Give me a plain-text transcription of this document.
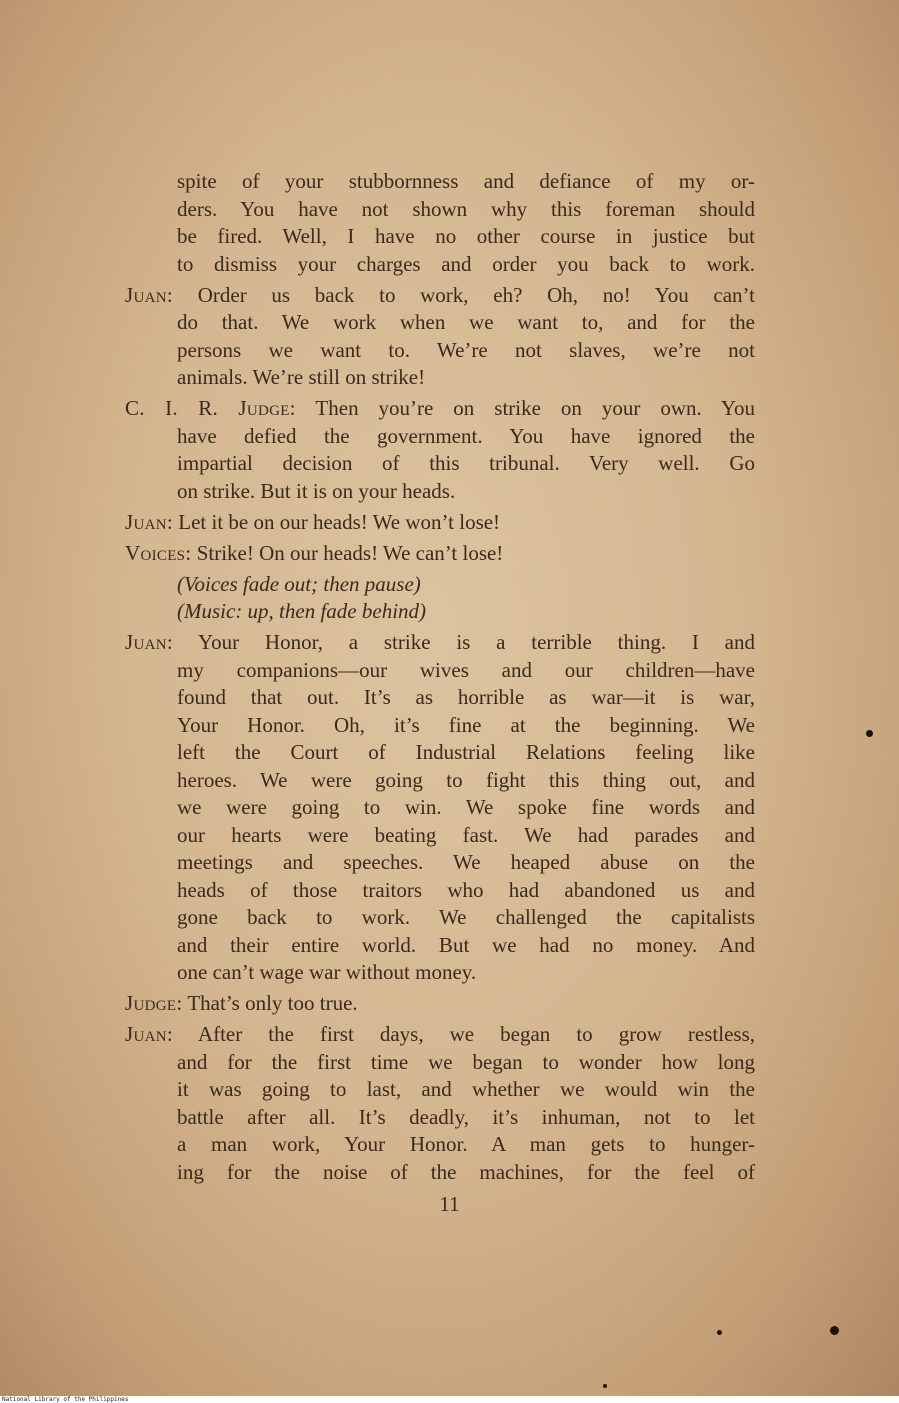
spite of your stubbornness and defiance of my or-
ders. You have not shown why this foreman should
be fired. Well, I have no other course in justice but
to dismiss your charges and order you back to work.
Juan: Order us back to work, eh? Oh, no! You can’t
do that. We work when we want to, and for the
persons we want to. We’re not slaves, we’re not
animals. We’re still on strike!
C. I. R. Judge: Then you’re on strike on your own. You
have defied the government. You have ignored the
impartial decision of this tribunal. Very well. Go
on strike. But it is on your heads.
Juan: Let it be on our heads! We won’t lose!
Voices: Strike! On our heads! We can’t lose!
(Voices fade out; then pause)
(Music: up, then fade behind)
Juan: Your Honor, a strike is a terrible thing. I and
my companions—our wives and our children—have
found that out. It’s as horrible as war—it is war,
Your Honor. Oh, it’s fine at the beginning. We
left the Court of Industrial Relations feeling like
heroes. We were going to fight this thing out, and
we were going to win. We spoke fine words and
our hearts were beating fast. We had parades and
meetings and speeches. We heaped abuse on the
heads of those traitors who had abandoned us and
gone back to work. We challenged the capitalists
and their entire world. But we had no money. And
one can’t wage war without money.
Judge: That’s only too true.
Juan: After the first days, we began to grow restless,
and for the first time we began to wonder how long
it was going to last, and whether we would win the
battle after all. It’s deadly, it’s inhuman, not to let
a man work, Your Honor. A man gets to hunger-
ing for the noise of the machines, for the feel of
11
National Library of the Philippines
